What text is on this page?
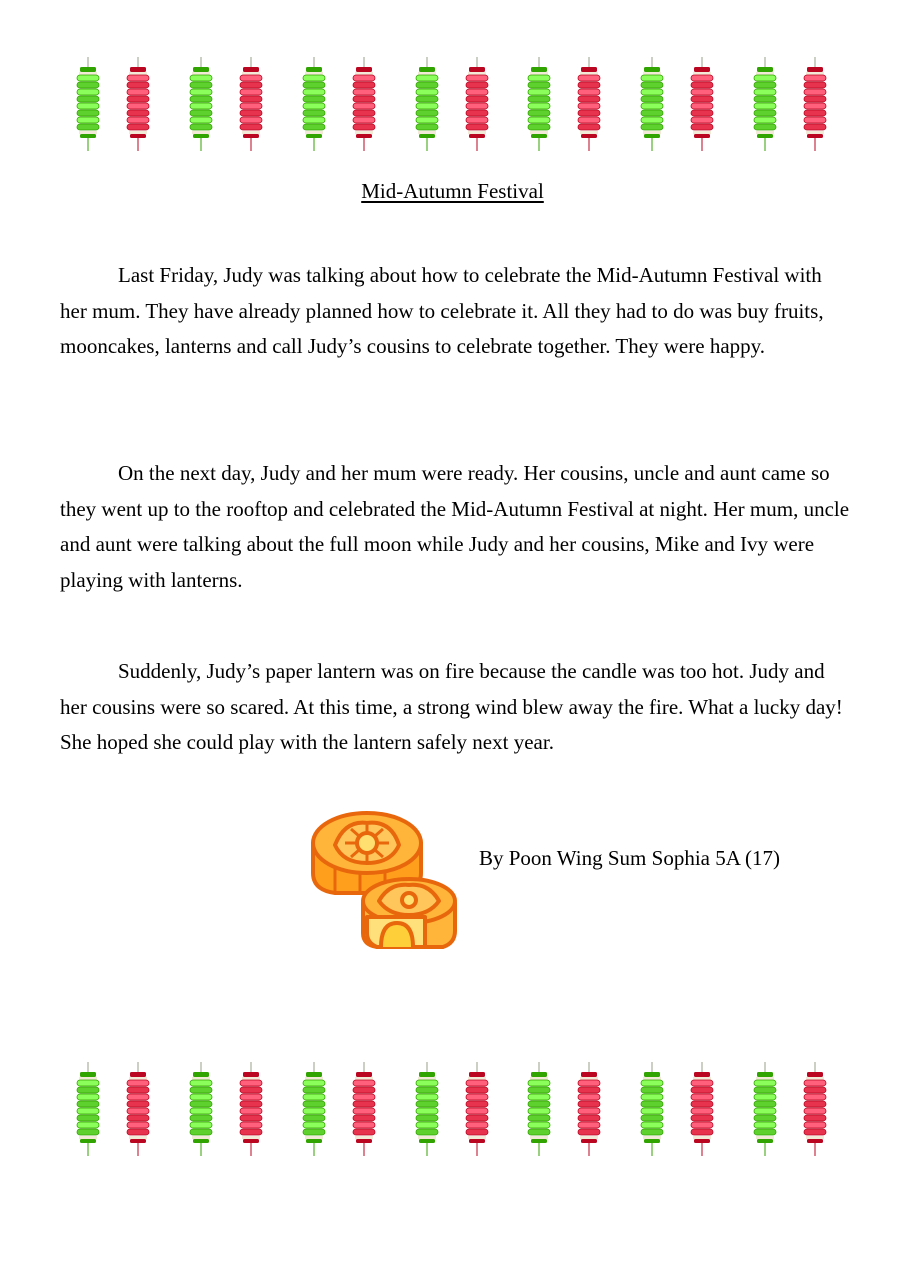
Mid-Autumn Festival

Last Friday, Judy was talking about how to celebrate the Mid-Autumn Festival with her mum. They have already planned how to celebrate it. All they had to do was buy fruits, mooncakes, lanterns and call Judy’s cousins to celebrate together. They were happy.

On the next day, Judy and her mum were ready. Her cousins, uncle and aunt came so they went up to the rooftop and celebrated the Mid-Autumn Festival at night. Her mum, uncle and aunt were talking about the full moon while Judy and her cousins, Mike and Ivy were playing with lanterns.

Suddenly, Judy’s paper lantern was on fire because the candle was too hot. Judy and her cousins were so scared. At this time, a strong wind blew away the fire. What a lucky day! She hoped she could play with the lantern safely next year.

By Poon Wing Sum Sophia 5A (17)
